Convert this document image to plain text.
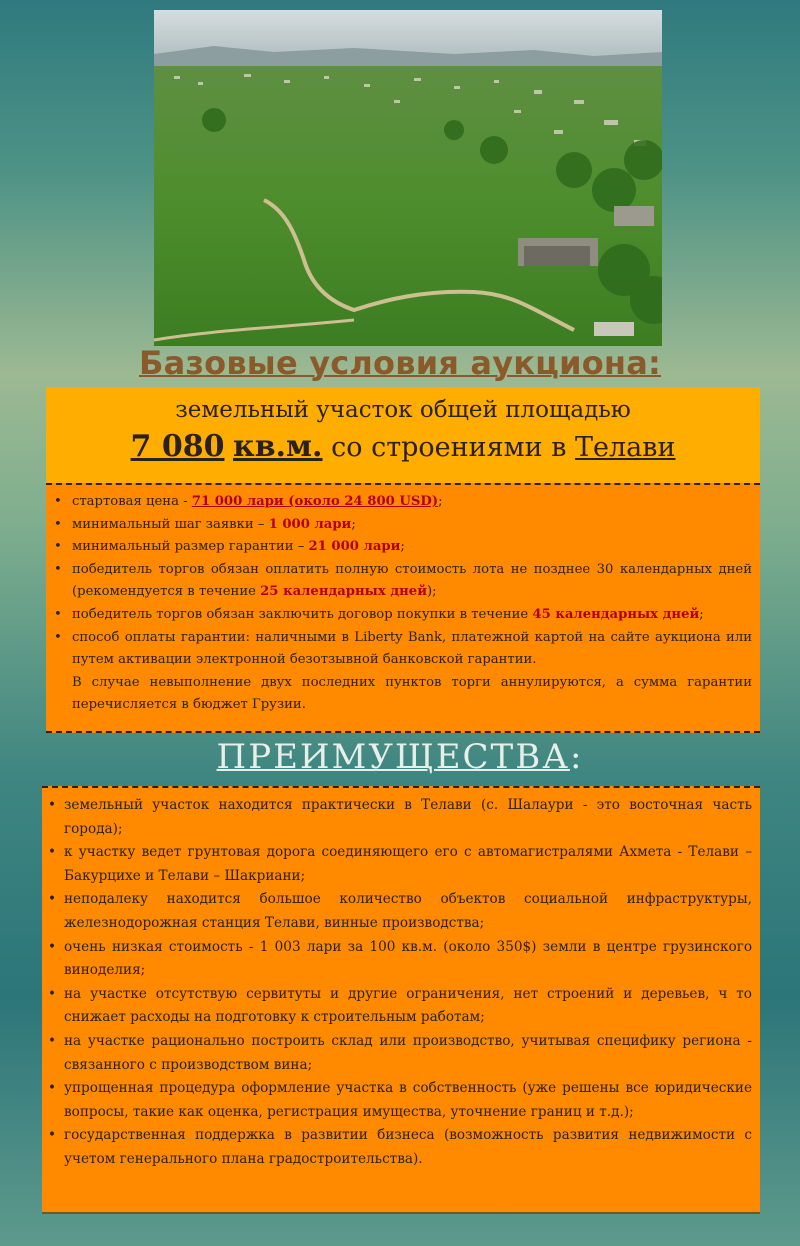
Базовые условия аукциона:
земельный участок общей площадью
7 080 кв.м. со строениями в Телави
• стартовая цена - 71 000 лари (около 24 800 USD);
• минимальный шаг заявки – 1 000 лари;
• минимальный размер гарантии – 21 000 лари;
• победитель торгов обязан оплатить полную стоимость лота не позднее 30 календарных дней (рекомендуется в течение 25 календарных дней);
• победитель торгов обязан заключить договор покупки в течение 45 календарных дней;
• способ оплаты гарантии: наличными в Liberty Bank, платежной картой на сайте аукциона или путем активации электронной безотзывной банковской гарантии.
В случае невыполнение двух последних пунктов торги аннулируются, а сумма гарантии перечисляется в бюджет Грузии.
ПРЕИМУЩЕСТВА:
• земельный участок находится практически в Телави (с. Шалаури - это восточная часть города);
• к участку ведет грунтовая дорога соединяющего его с автомагистралями Ахмета - Телави – Бакурцихе и Телави – Шакриани;
• неподалеку находится большое количество объектов социальной инфраструктуры, железнодорожная станция Телави, винные производства;
• очень низкая стоимость - 1 003 лари за 100 кв.м. (около 350$) земли в центре грузинского виноделия;
• на участке отсутствую сервитуты и другие ограничения, нет строений и деревьев, ч то снижает расходы на подготовку к строительным работам;
• на участке рационально построить склад или производство, учитывая специфику региона - связанного с производством вина;
• упрощенная процедура оформление участка в собственность (уже решены все юридические вопросы, такие как оценка, регистрация имущества, уточнение границ и т.д.);
• государственная поддержка в развитии бизнеса (возможность развития недвижимости с учетом генерального плана градостроительства).
